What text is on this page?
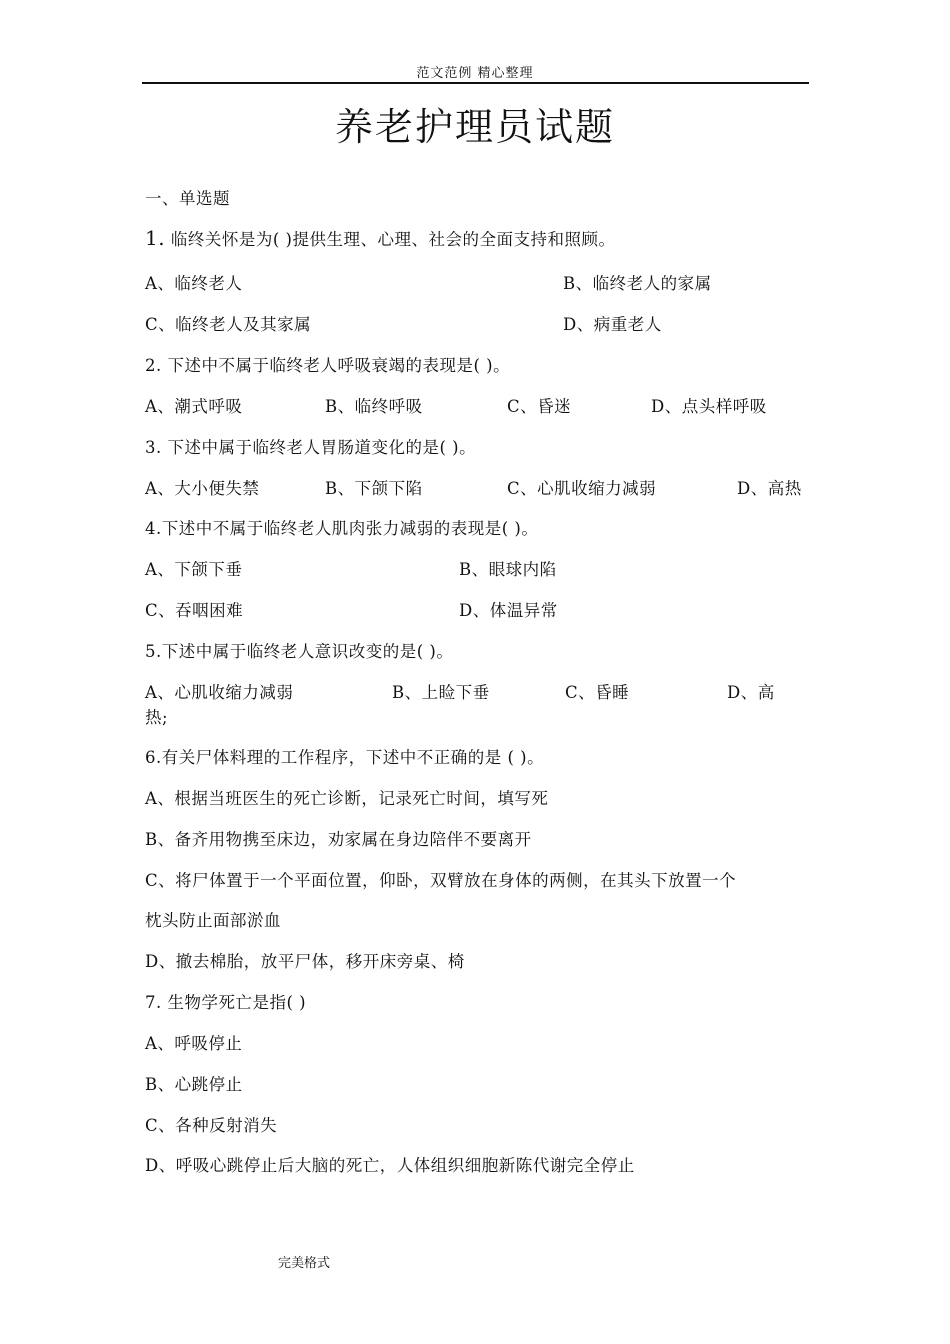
范文范例 精心整理
养老护理员试题
一、单选题
1. 临终关怀是为( )提供生理、心理、社会的全面支持和照顾。
A、临终老人	B、临终老人的家属
C、临终老人及其家属	D、病重老人
2. 下述中不属于临终老人呼吸衰竭的表现是( )。
A、潮式呼吸	B、临终呼吸	C、昏迷	D、点头样呼吸
3. 下述中属于临终老人胃肠道变化的是( )。
A、大小便失禁	B、下颌下陷	C、心肌收缩力减弱	D、高热
4.下述中不属于临终老人肌肉张力减弱的表现是( )。
A、下颌下垂	B、眼球内陷
C、吞咽困难	D、体温异常
5.下述中属于临终老人意识改变的是( )。
A、心肌收缩力减弱	B、上睑下垂	C、昏睡	D、高
热;
6.有关尸体料理的工作程序，下述中不正确的是 ( )。
A、根据当班医生的死亡诊断，记录死亡时间，填写死
B、备齐用物携至床边，劝家属在身边陪伴不要离开
C、将尸体置于一个平面位置，仰卧，双臂放在身体的两侧，在其头下放置一个
枕头防止面部淤血
D、撤去棉胎，放平尸体，移开床旁桌、椅
7. 生物学死亡是指( )
A、呼吸停止
B、心跳停止
C、各种反射消失
D、呼吸心跳停止后大脑的死亡，人体组织细胞新陈代谢完全停止
完美格式
